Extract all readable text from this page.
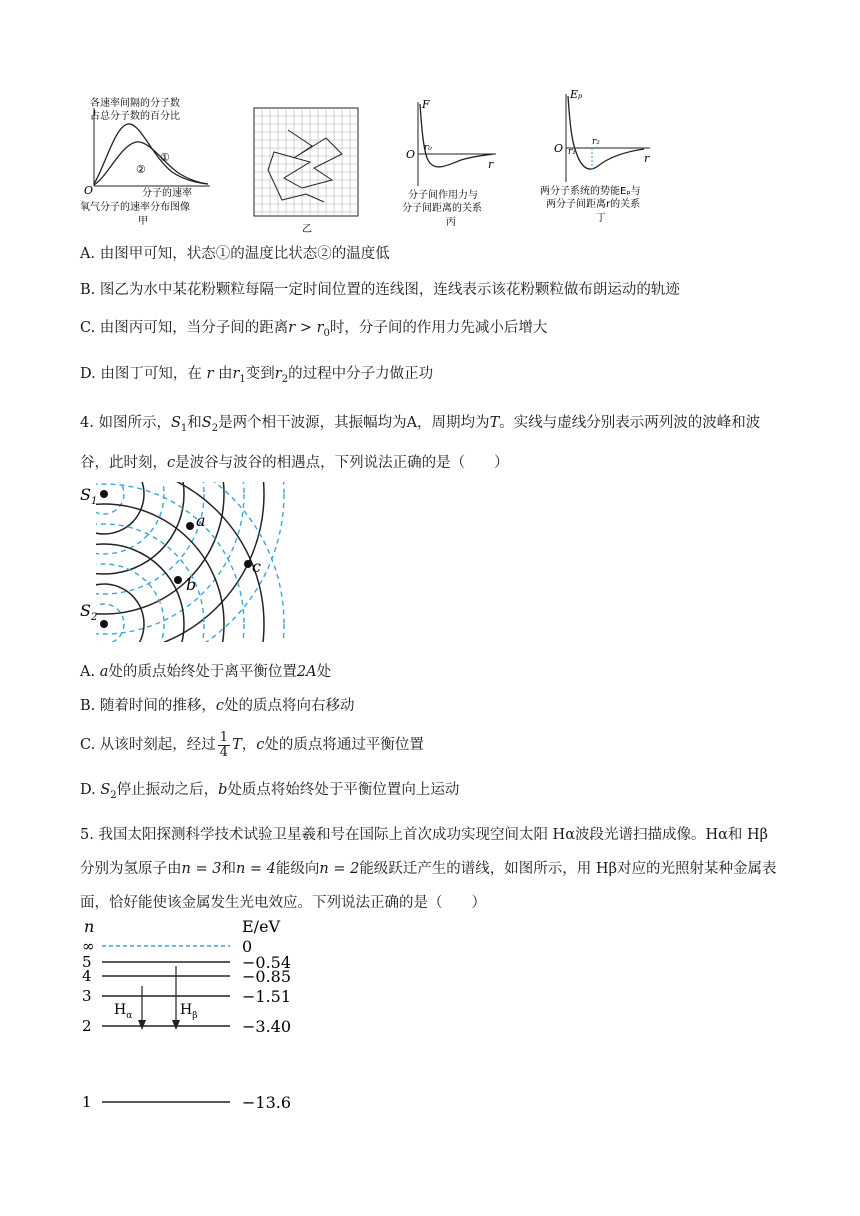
各速率间隔的分子数
占总分子数的百分比
①
②
O	分子的速率
氧气分子的速率分布图像
甲
乙
F
O r₀
r
分子间作用力与
分子间距离的关系
丙
Eₚ
O r₁
r₂
r
两分子系统的势能Eₚ与
两分子间距离r的关系
丁
A. 由图甲可知，状态①的温度比状态②的温度低
B. 图乙为水中某花粉颗粒每隔一定时间位置的连线图，连线表示该花粉颗粒做布朗运动的轨迹
C. 由图丙可知，当分子间的距离$r > r_0$时，分子间的作用力先减小后增大
D. 由图丁可知，在 r 由$r_1$变到$r_2$的过程中分子力做正功
4. 如图所示，$S_1$和$S_2$是两个相干波源，其振幅均为A，周期均为T。实线与虚线分别表示两列波的波峰和波谷，此时刻，c是波谷与波谷的相遇点，下列说法正确的是（　　）
$S_1$
$S_2$
a
b
c
A. a处的质点始终处于离平衡位置2A处
B. 随着时间的推移，c处的质点将向右移动
C. 从该时刻起，经过 $\frac{1}{4}$ T，c处的质点将通过平衡位置
D. $S_2$停止振动之后，b处质点将始终处于平衡位置向上运动
5. 我国太阳探测科学技术试验卫星羲和号在国际上首次成功实现空间太阳 Hα波段光谱扫描成像。Hα和 Hβ分别为氢原子由n = 3和n = 4能级向n = 2能级跃迁产生的谱线，如图所示，用 Hβ对应的光照射某种金属表面，恰好能使该金属发生光电效应。下列说法正确的是（　　）
n	E/eV
∞	0
5	−0.54
4	−0.85
3	−1.51
2	−3.40
1	−13.6
$H_\alpha$	$H_\beta$
